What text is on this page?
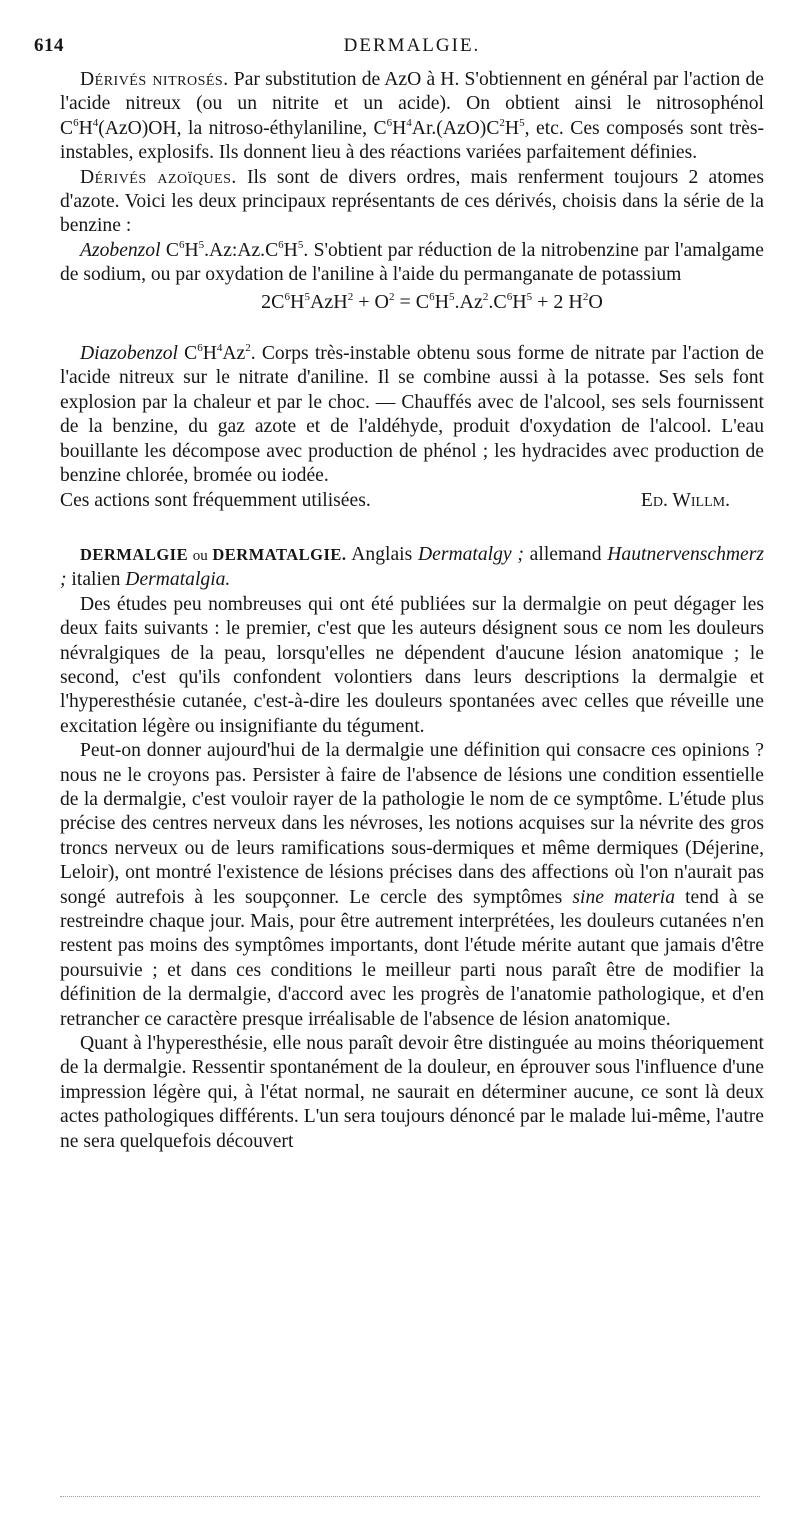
614	DERMALGIE.

Dérivés nitrosés. Par substitution de AzO à H. S'obtiennent en général par l'action de l'acide nitreux (ou un nitrite et un acide). On obtient ainsi le nitrosophénol $C^6H^4(AzO)OH$, la nitroso-éthylaniline, $C^6H^4Ar.(AzO)C^2H^5$, etc. Ces composés sont très-instables, explosifs. Ils donnent lieu à des réactions variées parfaitement définies.

Dérivés azoïques. Ils sont de divers ordres, mais renferment toujours 2 atomes d'azote. Voici les deux principaux représentants de ces dérivés, choisis dans la série de la benzine :

Azobenzol $C^6H^5.Az:Az.C^6H^5$. S'obtient par réduction de la nitrobenzine par l'amalgame de sodium, ou par oxydation de l'aniline à l'aide du permanganate de potassium

$2C^6H^5AzH^2 + O^2 = C^6H^5.Az^2.C^6H^5 + 2$ $H^2O$

Diazobenzol $C^6H^4Az^2$. Corps très-instable obtenu sous forme de nitrate par l'action de l'acide nitreux sur le nitrate d'aniline. Il se combine aussi à la potasse. Ses sels font explosion par la chaleur et par le choc. — Chauffés avec de l'alcool, ses sels fournissent de la benzine, du gaz azote et de l'aldéhyde, produit d'oxydation de l'alcool. L'eau bouillante les décompose avec production de phénol ; les hydracides avec production de benzine chlorée, bromée ou iodée.

Ces actions sont fréquemment utilisées.	Ed. Willm.

DERMALGIE ou DERMATALGIE. Anglais Dermatalgy ; allemand Hautnervenschmerz ; italien Dermatalgia.

Des études peu nombreuses qui ont été publiées sur la dermalgie on peut dégager les deux faits suivants : le premier, c'est que les auteurs désignent sous ce nom les douleurs névralgiques de la peau, lorsqu'elles ne dépendent d'aucune lésion anatomique ; le second, c'est qu'ils confondent volontiers dans leurs descriptions la dermalgie et l'hyperesthésie cutanée, c'est-à-dire les douleurs spontanées avec celles que réveille une excitation légère ou insignifiante du tégument.

Peut-on donner aujourd'hui de la dermalgie une définition qui consacre ces opinions ? nous ne le croyons pas. Persister à faire de l'absence de lésions une condition essentielle de la dermalgie, c'est vouloir rayer de la pathologie le nom de ce symptôme. L'étude plus précise des centres nerveux dans les névroses, les notions acquises sur la névrite des gros troncs nerveux ou de leurs ramifications sous-dermiques et même dermiques (Déjerine, Leloir), ont montré l'existence de lésions précises dans des affections où l'on n'aurait pas songé autrefois à les soupçonner. Le cercle des symptômes sine materia tend à se restreindre chaque jour. Mais, pour être autrement interprétées, les douleurs cutanées n'en restent pas moins des symptômes importants, dont l'étude mérite autant que jamais d'être poursuivie ; et dans ces conditions le meilleur parti nous paraît être de modifier la définition de la dermalgie, d'accord avec les progrès de l'anatomie pathologique, et d'en retrancher ce caractère presque irréalisable de l'absence de lésion anatomique.

Quant à l'hyperesthésie, elle nous paraît devoir être distinguée au moins théoriquement de la dermalgie. Ressentir spontanément de la douleur, en éprouver sous l'influence d'une impression légère qui, à l'état normal, ne saurait en déterminer aucune, ce sont là deux actes pathologiques différents. L'un sera toujours dénoncé par le malade lui-même, l'autre ne sera quelquefois découvert
